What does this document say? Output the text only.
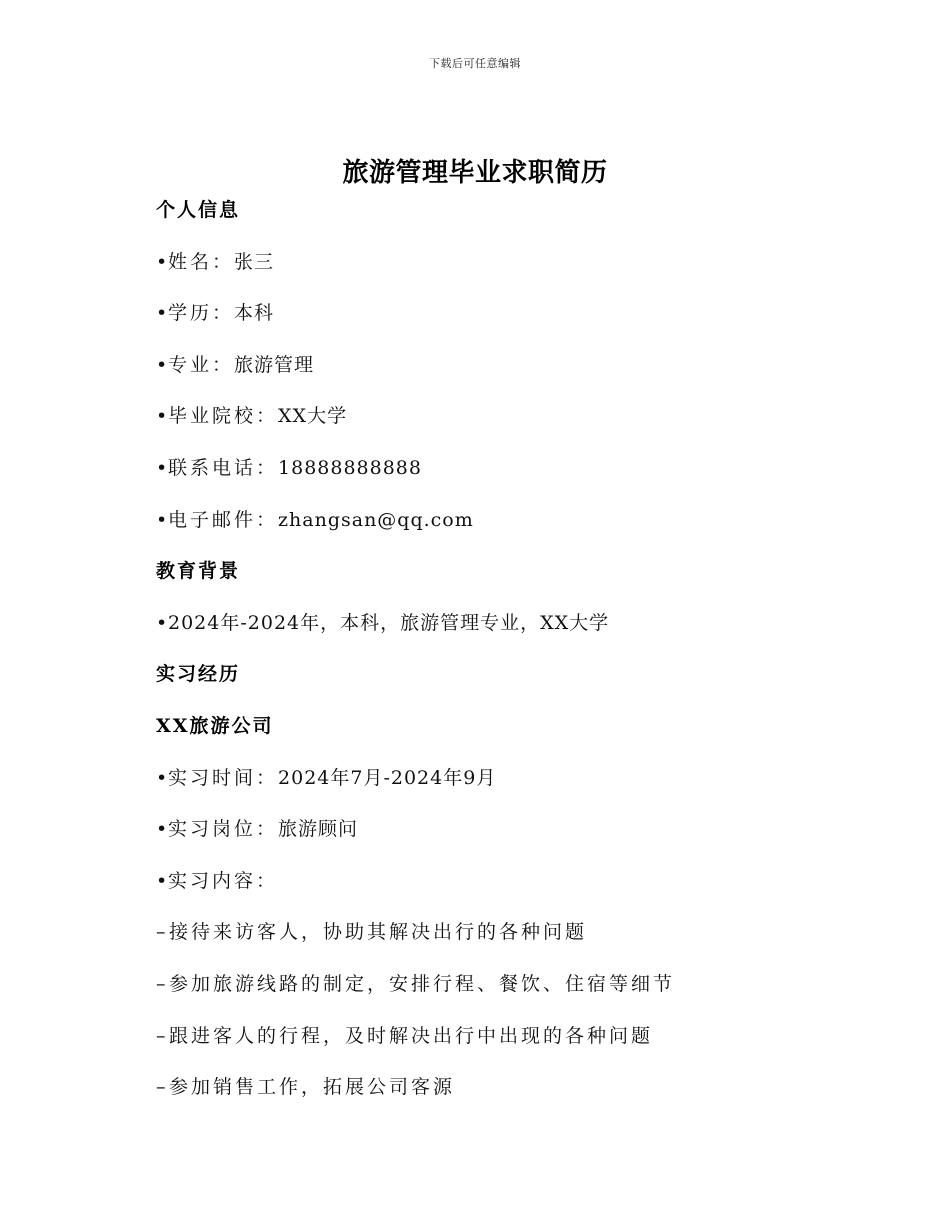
下载后可任意编辑
旅游管理毕业求职简历
个人信息
•姓名：张三
•学历：本科
•专业：旅游管理
•毕业院校：XX大学
•联系电话：18888888888
•电子邮件：zhangsan@qq.com
教育背景
•2024年-2024年，本科，旅游管理专业，XX大学
实习经历
XX旅游公司
•实习时间：2024年7月-2024年9月
•实习岗位：旅游顾问
•实习内容：
– 接待来访客人，协助其解决出行的各种问题
– 参加旅游线路的制定，安排行程、餐饮、住宿等细节
– 跟进客人的行程，及时解决出行中出现的各种问题
– 参加销售工作，拓展公司客源
